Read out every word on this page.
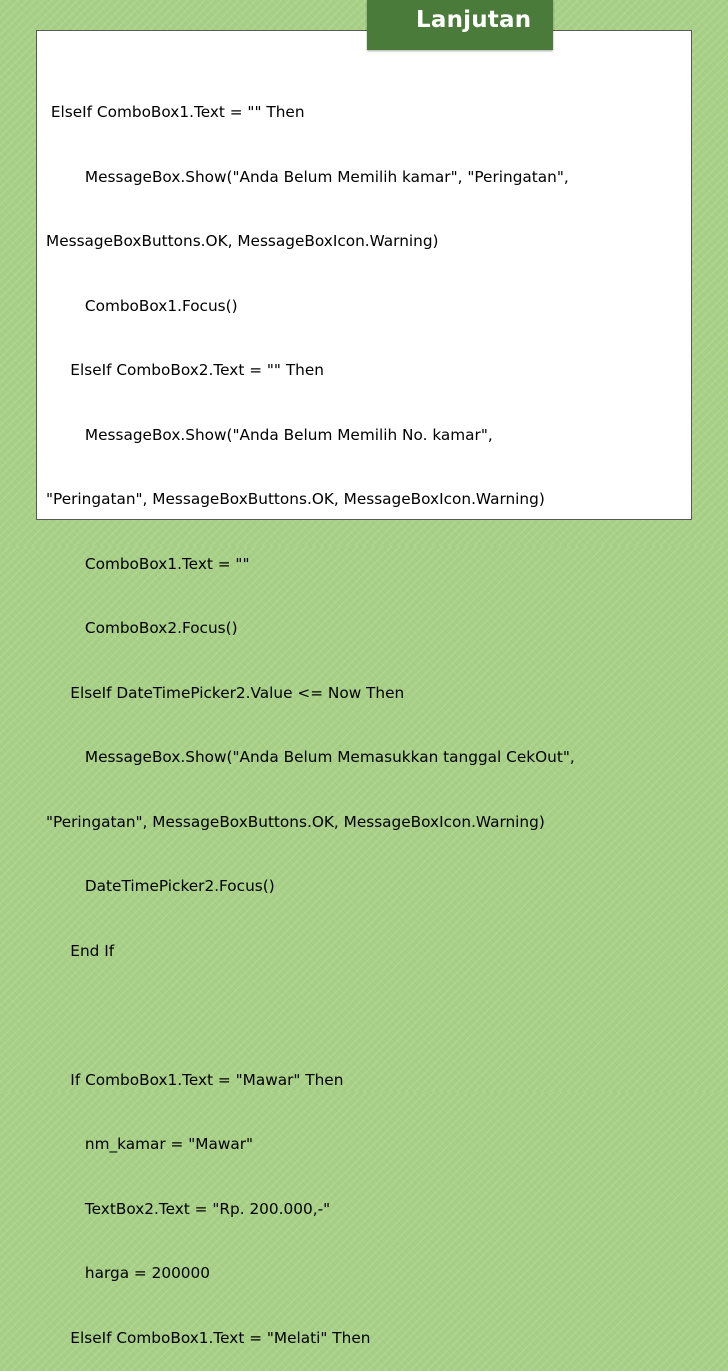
Lanjutan

ElseIf ComboBox1.Text = "" Then

MessageBox.Show("Anda Belum Memilih kamar", "Peringatan",

MessageBoxButtons.OK, MessageBoxIcon.Warning)

ComboBox1.Focus()

ElseIf ComboBox2.Text = "" Then

MessageBox.Show("Anda Belum Memilih No. kamar",

"Peringatan", MessageBoxButtons.OK, MessageBoxIcon.Warning)

ComboBox1.Text = ""

ComboBox2.Focus()

ElseIf DateTimePicker2.Value <= Now Then

MessageBox.Show("Anda Belum Memasukkan tanggal CekOut",

"Peringatan", MessageBoxButtons.OK, MessageBoxIcon.Warning)

DateTimePicker2.Focus()

End If

If ComboBox1.Text = "Mawar" Then

nm_kamar = "Mawar"

TextBox2.Text = "Rp. 200.000,-"

harga = 200000

ElseIf ComboBox1.Text = "Melati" Then
